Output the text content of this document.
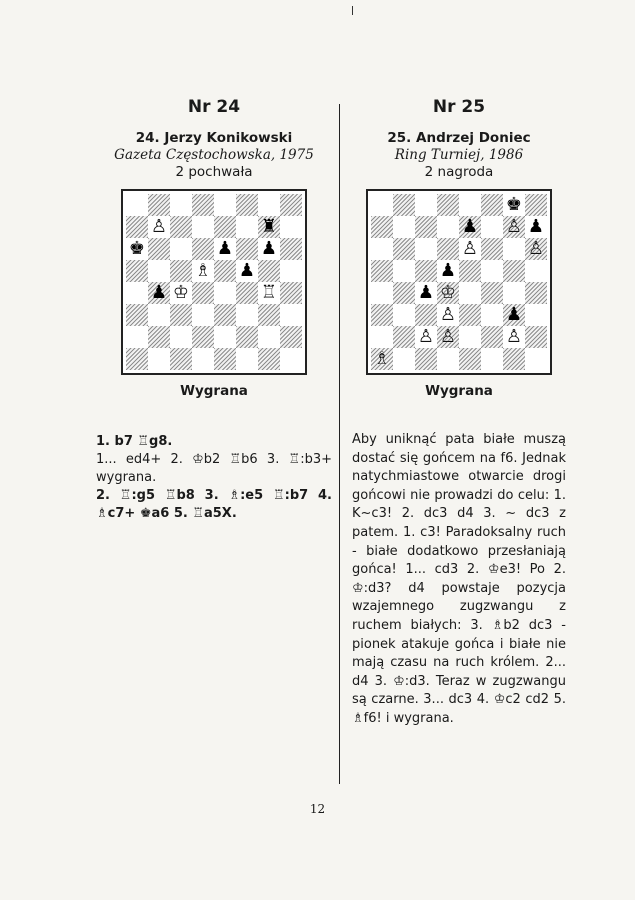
Nr 24
24. Jerzy Konikowski
Gazeta Częstochowska, 1975
2 pochwała
♙	♜
♚	♟ ♟
♗ ♟
♟ ♔	♖
Wygrana
1. b7 ♖g8.
1... ed4+ 2. ♔b2 ♖b6 3. ♖:b3+ wygrana.
2. ♖:g5 ♖b8 3. ♗:e5 ♖:b7 4. ♗c7+ ♚a6 5. ♖a5X.
Nr 25
25. Andrzej Doniec
Ring Turniej, 1986
2 nagroda
♚
♟ ♙ ♟
♙	♙
♟
♟ ♔
♙	♟
♙ ♙	♙
♗
Wygrana
Aby uniknąć pata białe muszą dostać się gońcem na f6. Jednak natychmiastowe otwarcie drogi gońcowi nie prowadzi do celu: 1. K~c3! 2. dc3 d4 3. ~ dc3 z patem. 1. c3! Paradoksalny ruch - białe dodatkowo przesłaniają gońca! 1... cd3 2. ♔e3! Po 2. ♔:d3? d4 powstaje pozycja wzajemnego zugzwangu z ruchem białych: 3. ♗b2 dc3 - pionek atakuje gońca i białe nie mają czasu na ruch królem. 2... d4 3. ♔:d3. Teraz w zugzwangu są czarne. 3... dc3 4. ♔c2 cd2 5. ♗f6! i wygrana.
12
